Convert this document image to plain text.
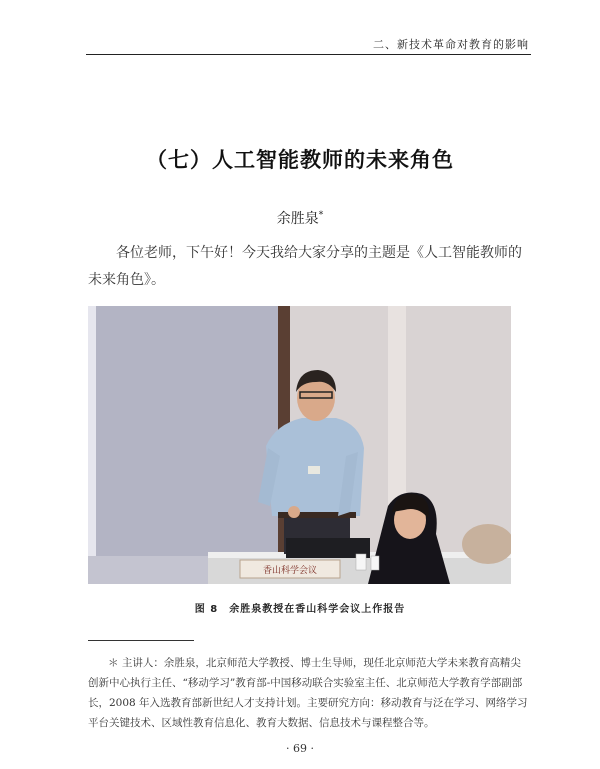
二、新技术革命对教育的影响
（七）人工智能教师的未来角色
余胜泉*

各位老师，下午好！今天我给大家分享的主题是《人工智能教师的未来角色》。

香山科学会议
图 8　余胜泉教授在香山科学会议上作报告

＊ 主讲人：余胜泉，北京师范大学教授、博士生导师，现任北京师范大学未来教育高精尖创新中心执行主任、“移动学习”教育部-中国移动联合实验室主任、北京师范大学教育学部副部长，2008 年入选教育部新世纪人才支持计划。主要研究方向：移动教育与泛在学习、网络学习平台关键技术、区域性教育信息化、教育大数据、信息技术与课程整合等。

· 69 ·
